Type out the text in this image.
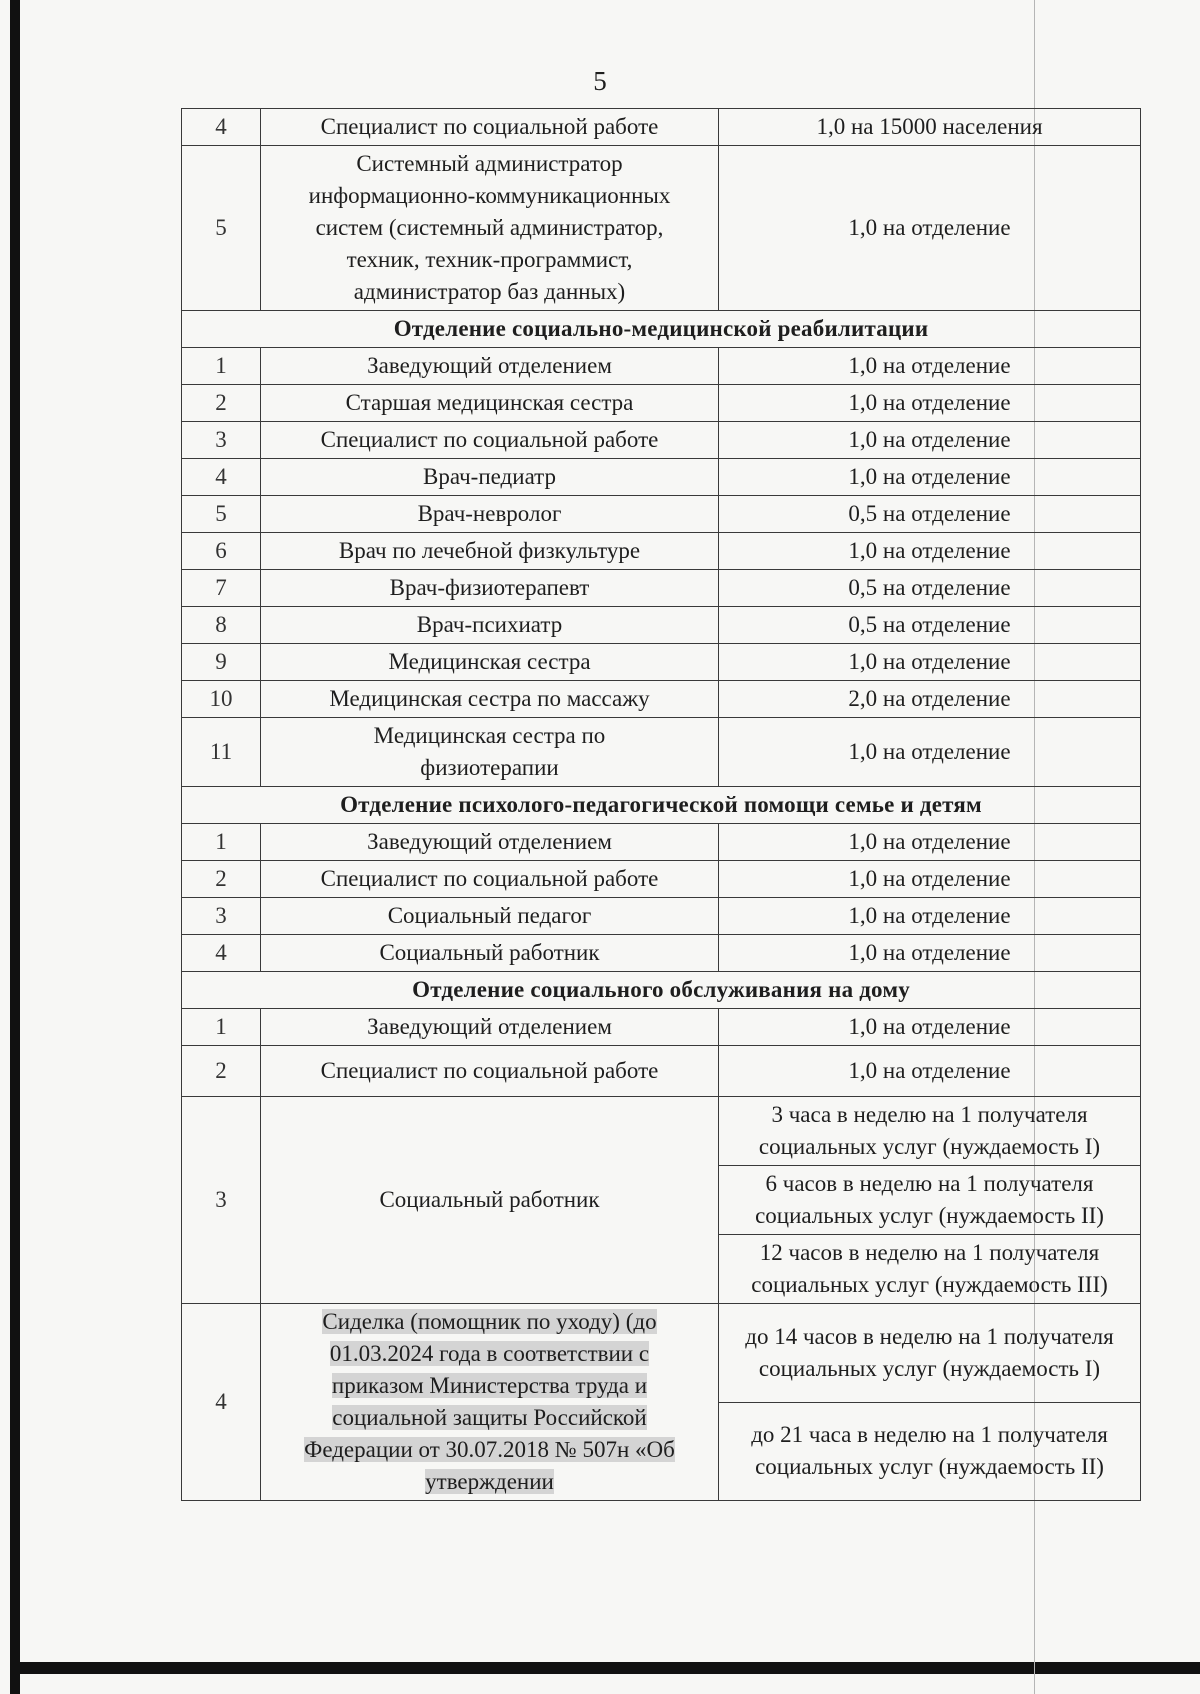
5
4	Специалист по социальной работе	1,0 на 15000 населения
5	Системный администратор информационно-коммуникационных систем (системный администратор, техник, техник-программист, администратор баз данных)	1,0 на отделение
Отделение социально-медицинской реабилитации		
1	Заведующий отделением	1,0 на отделение
2	Старшая медицинская сестра	1,0 на отделение
3	Специалист по социальной работе	1,0 на отделение
4	Врач-педиатр	1,0 на отделение
5	Врач-невролог	0,5 на отделение
6	Врач по лечебной физкультуре	1,0 на отделение
7	Врач-физиотерапевт	0,5 на отделение
8	Врач-психиатр	0,5 на отделение
9	Медицинская сестра	1,0 на отделение
10	Медицинская сестра по массажу	2,0 на отделение
11	Медицинская сестра по физиотерапии	1,0 на отделение
Отделение психолого-педагогической помощи семье и детям		
1	Заведующий отделением	1,0 на отделение
2	Специалист по социальной работе	1,0 на отделение
3	Социальный педагог	1,0 на отделение
4	Социальный работник	1,0 на отделение
Отделение социального обслуживания на дому		
1	Заведующий отделением	1,0 на отделение
2	Специалист по социальной работе	1,0 на отделение
3	Социальный работник	3 часа в неделю на 1 получателя социальных услуг (нуждаемость I)
		6 часов в неделю на 1 получателя социальных услуг (нуждаемость II)
		12 часов в неделю на 1 получателя социальных услуг (нуждаемость III)
4	Сиделка (помощник по уходу) (до 01.03.2024 года в соответствии с приказом Министерства труда и социальной защиты Российской Федерации от 30.07.2018 № 507н «Об утверждении	до 14 часов в неделю на 1 получателя социальных услуг (нуждаемость I)
		до 21 часа в неделю на 1 получателя социальных услуг (нуждаемость II)
